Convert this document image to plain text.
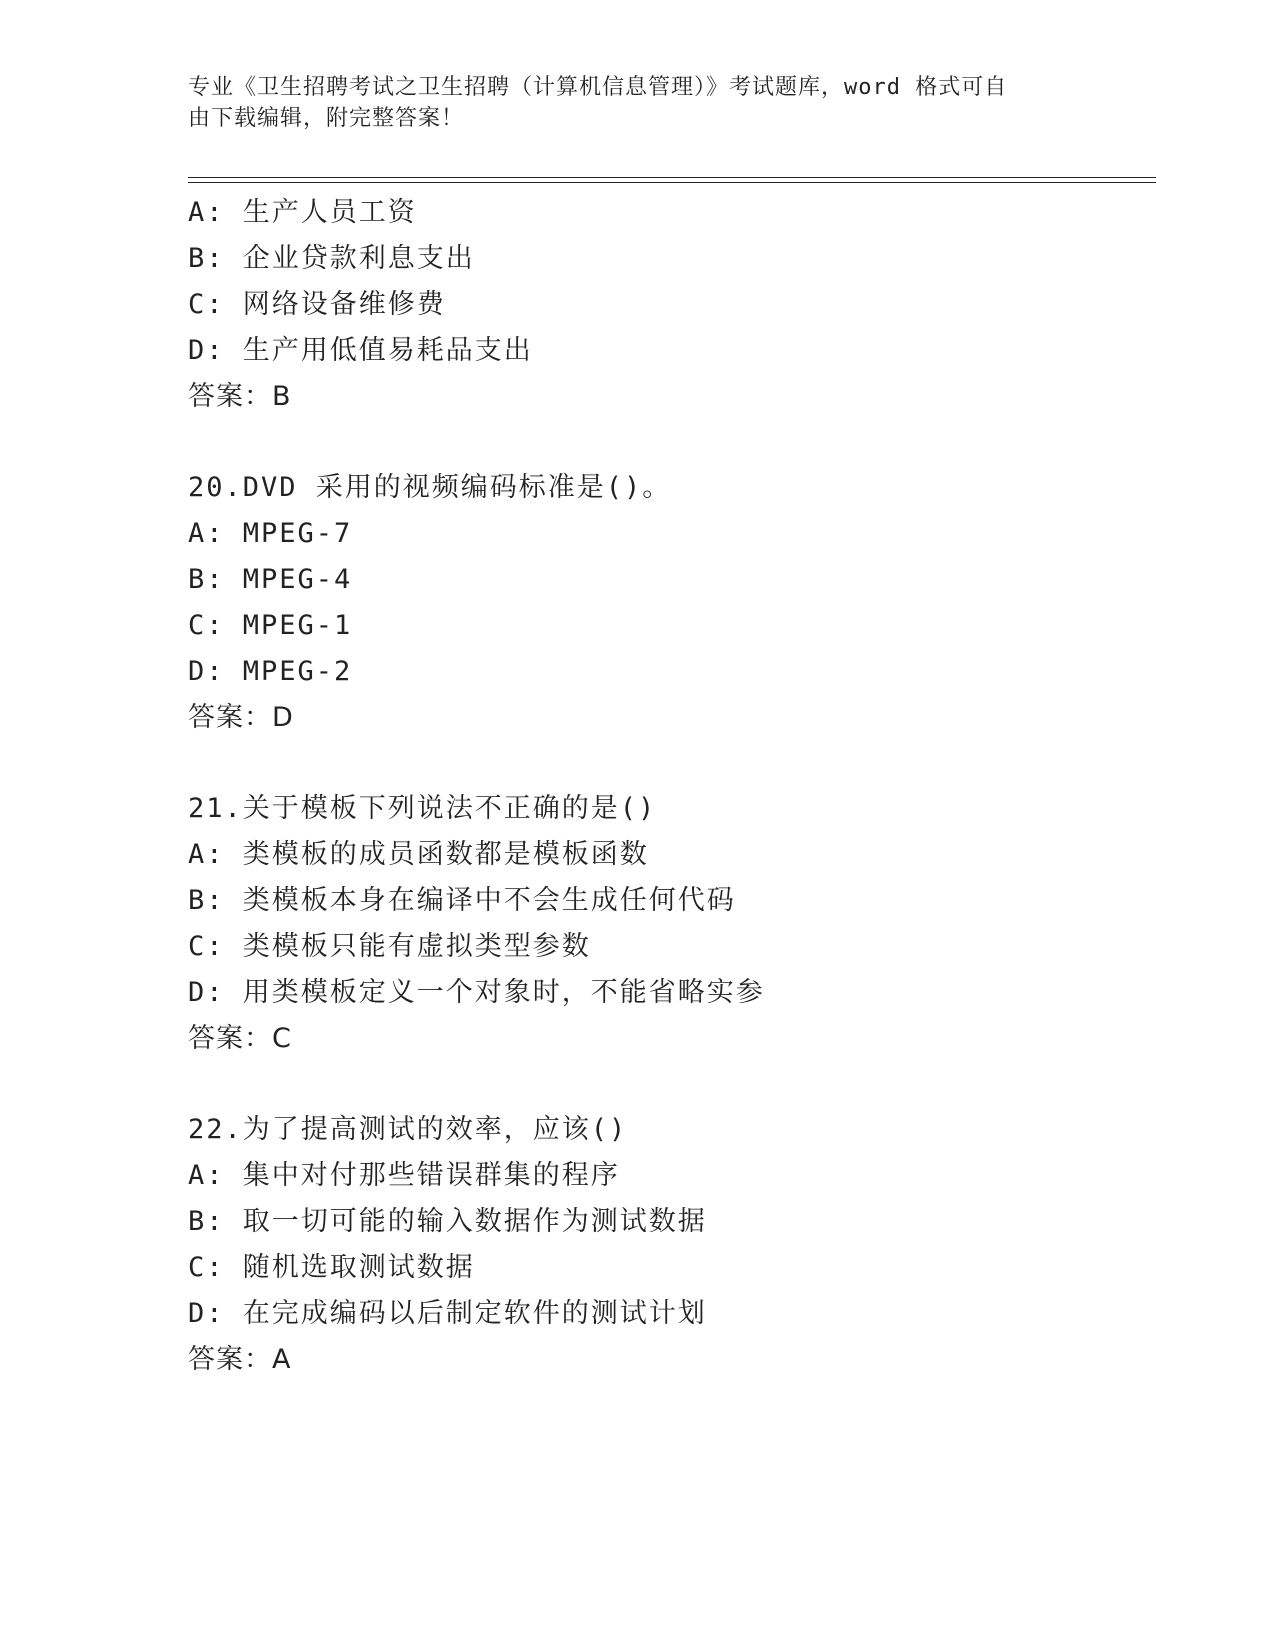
专业《卫生招聘考试之卫生招聘（计算机信息管理）》考试题库，word 格式可自
由下载编辑，附完整答案！
A: 生产人员工资
B: 企业贷款利息支出
C: 网络设备维修费
D: 生产用低值易耗品支出
答案：B
20.DVD 采用的视频编码标准是()。
A: MPEG-7
B: MPEG-4
C: MPEG-1
D: MPEG-2
答案：D
21.关于模板下列说法不正确的是()
A: 类模板的成员函数都是模板函数
B: 类模板本身在编译中不会生成任何代码
C: 类模板只能有虚拟类型参数
D: 用类模板定义一个对象时，不能省略实参
答案：C
22.为了提高测试的效率，应该()
A: 集中对付那些错误群集的程序
B: 取一切可能的输入数据作为测试数据
C: 随机选取测试数据
D: 在完成编码以后制定软件的测试计划
答案：A
